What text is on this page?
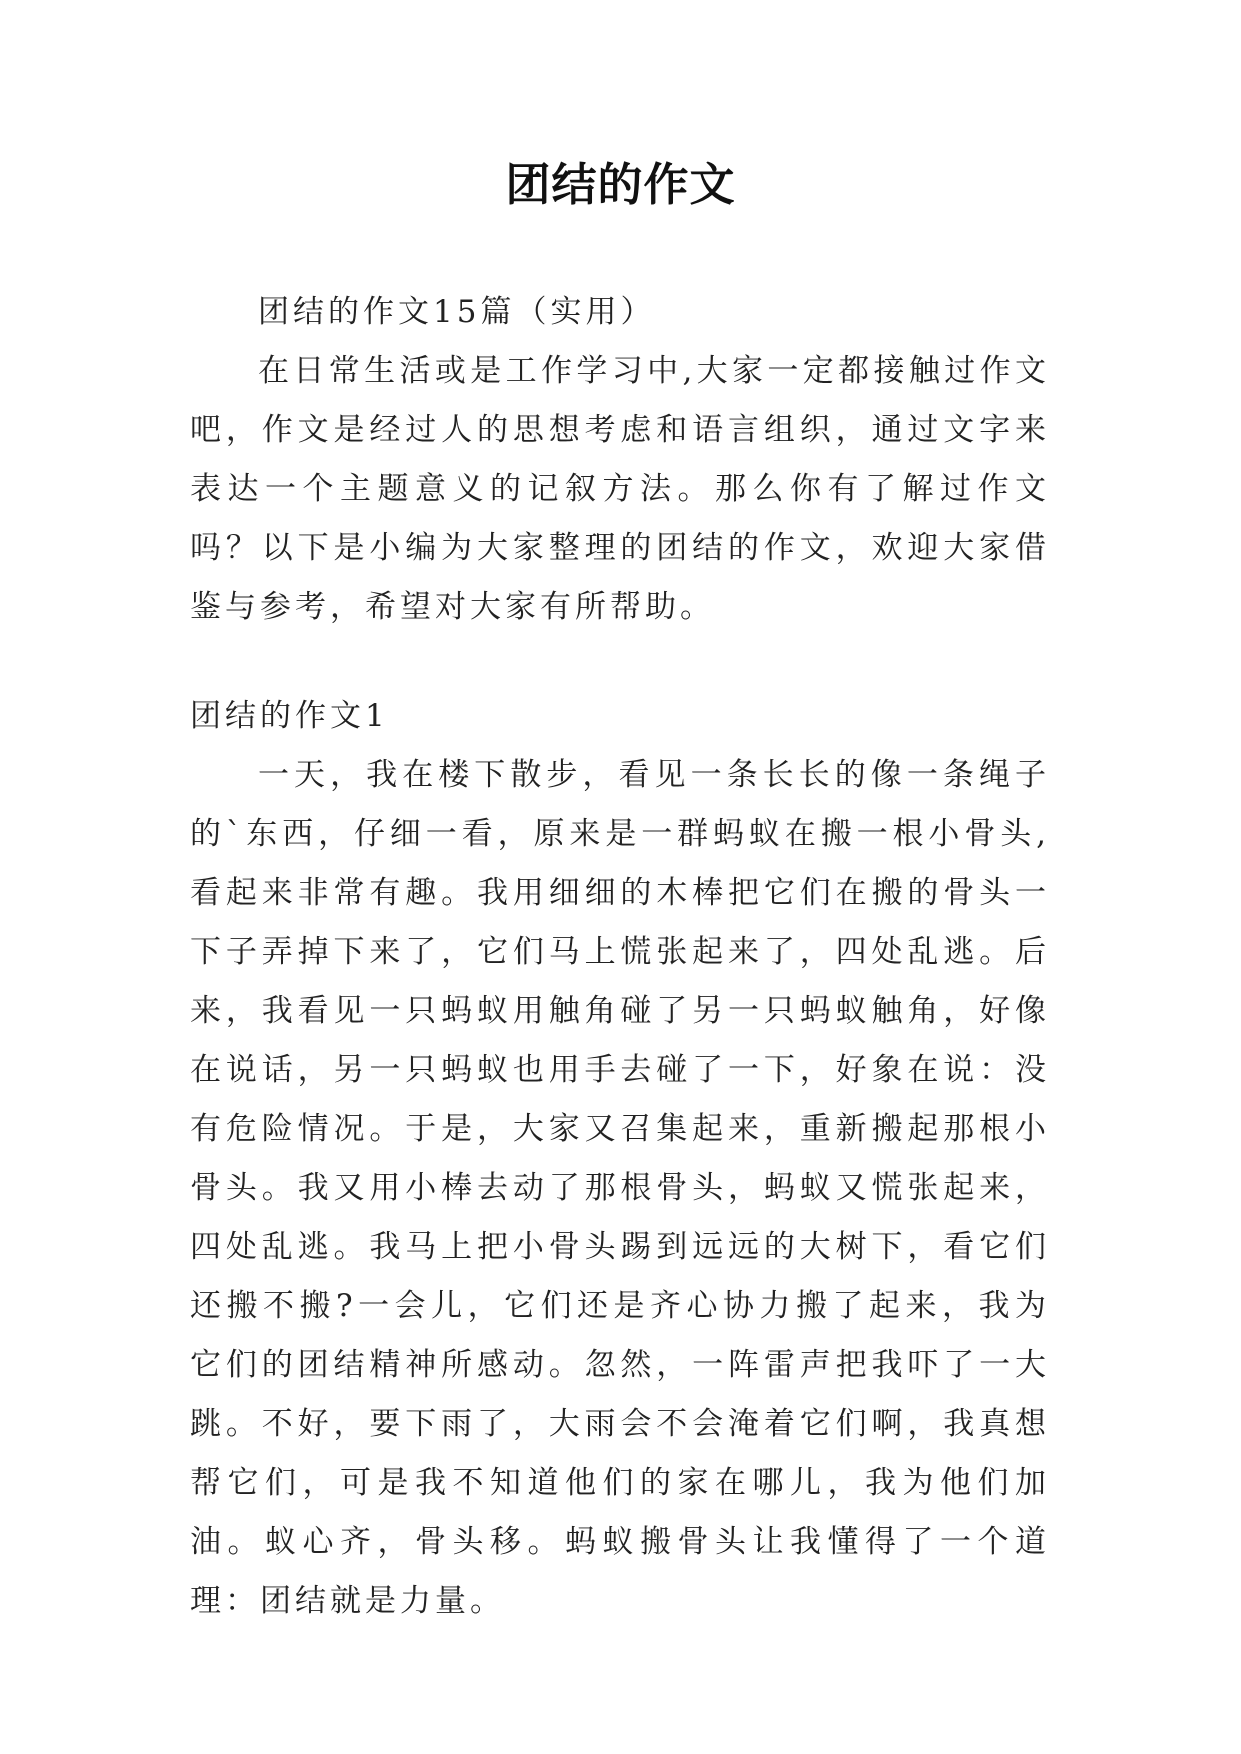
团结的作文

团结的作文15篇（实用）

在日常生活或是工作学习中,大家一定都接触过作文吧，作文是经过人的思想考虑和语言组织，通过文字来表达一个主题意义的记叙方法。那么你有了解过作文吗？以下是小编为大家整理的团结的作文，欢迎大家借鉴与参考，希望对大家有所帮助。

团结的作文1

一天，我在楼下散步，看见一条长长的像一条绳子的`东西，仔细一看，原来是一群蚂蚁在搬一根小骨头,看起来非常有趣。我用细细的木棒把它们在搬的骨头一下子弄掉下来了，它们马上慌张起来了，四处乱逃。后来，我看见一只蚂蚁用触角碰了另一只蚂蚁触角，好像在说话，另一只蚂蚁也用手去碰了一下，好象在说：没有危险情况。于是，大家又召集起来，重新搬起那根小骨头。我又用小棒去动了那根骨头，蚂蚁又慌张起来，四处乱逃。我马上把小骨头踢到远远的大树下，看它们还搬不搬?一会儿，它们还是齐心协力搬了起来，我为它们的团结精神所感动。忽然，一阵雷声把我吓了一大跳。不好，要下雨了，大雨会不会淹着它们啊，我真想帮它们，可是我不知道他们的家在哪儿，我为他们加油。蚁心齐，骨头移。蚂蚁搬骨头让我懂得了一个道理：团结就是力量。
